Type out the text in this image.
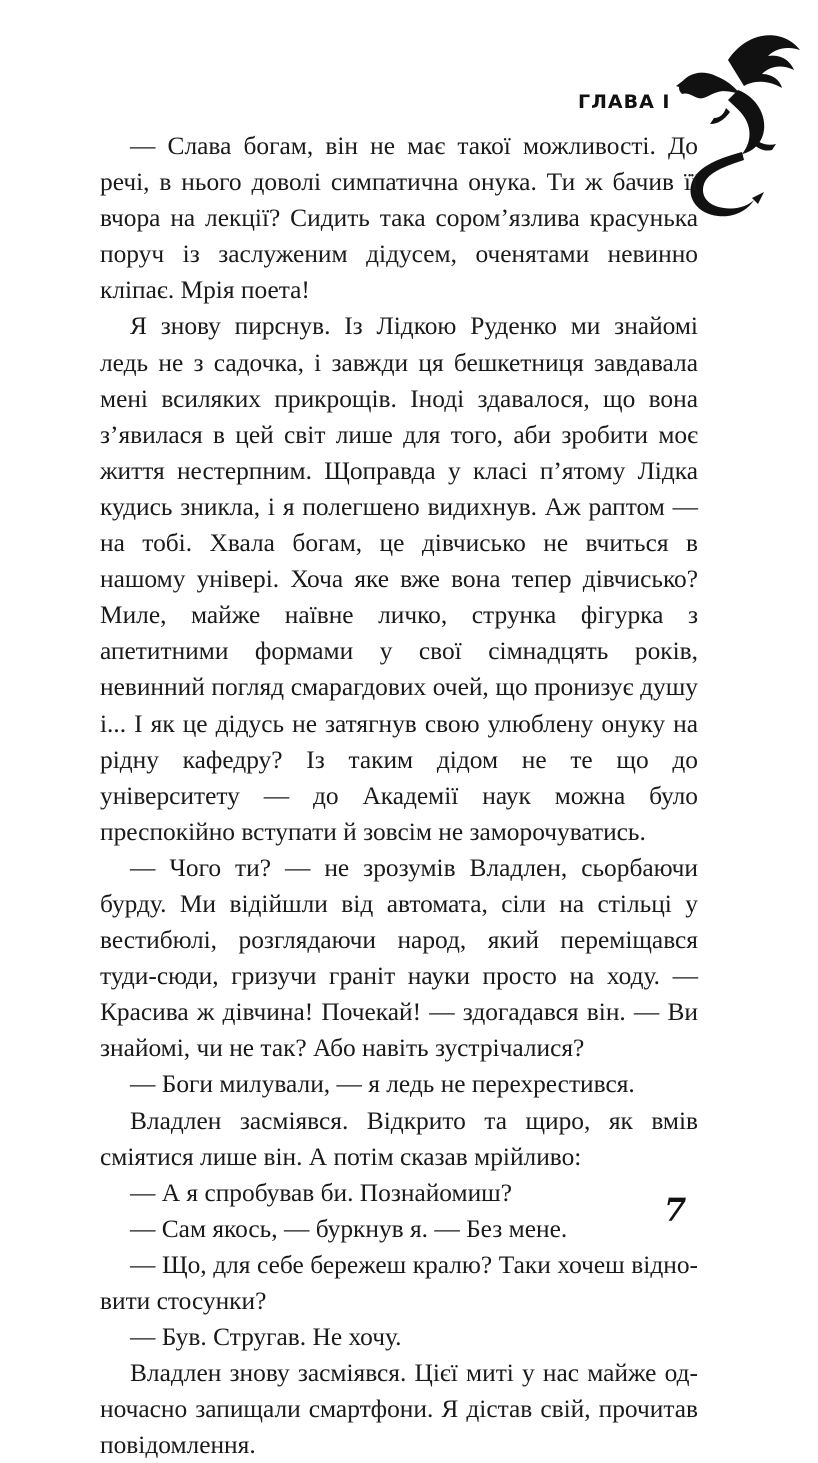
ГЛАВА І

— Слава богам, він не має такої можливості. До речі, в нього доволі симпатична онука. Ти ж бачив її вчора на лекції? Сидить така сором’язлива красунька поруч із заслуженим дідусем, оченятами невинно кліпає. Мрія поета!

Я знову пирснув. Із Лідкою Руденко ми знайомі ледь не з садочка, і завжди ця бешкетниця завдавала мені всиляких прикрощів. Іноді здавалося, що вона з’явилася в цей світ лише для того, аби зробити моє життя нестерпним. Щоправда у класі п’ятому Лідка кудись зникла, і я полегшено видихнув. Аж раптом — на тобі. Хвала богам, це дівчисько не вчиться в нашому універі. Хоча яке вже вона тепер дівчисько? Миле, майже наївне личко, струнка фігурка з апетитними формами у свої сімнадцять років, невинний погляд смарагдових очей, що пронизує душу і... І як це дідусь не затягнув свою улюблену онуку на рідну кафедру? Із таким дідом не те що до університету — до Академії наук можна було преспокійно вступати й зовсім не заморочуватись.

— Чого ти? — не зрозумів Владлен, сьорбаючи бурду. Ми відійшли від автомата, сіли на стільці у вестибюлі, розглядаючи народ, який переміщався туди-сюди, гризучи граніт науки просто на ходу. — Красива ж дівчина! Почекай! — здогадався він. — Ви знайомі, чи не так? Або навіть зустрічалися?

— Боги милували, — я ледь не перехрестився.

Владлен засміявся. Відкрито та щиро, як вмів сміятися лише він. А потім сказав мрійливо:

— А я спробував би. Познайомиш?

— Сам якось, — буркнув я. — Без мене.

— Що, для себе бережеш кралю? Таки хочеш відновити стосунки?

— Був. Стругав. Не хочу.

Владлен знову засміявся. Цієї миті у нас майже одночасно запищали смартфони. Я дістав свій, прочитав повідомлення.

7
